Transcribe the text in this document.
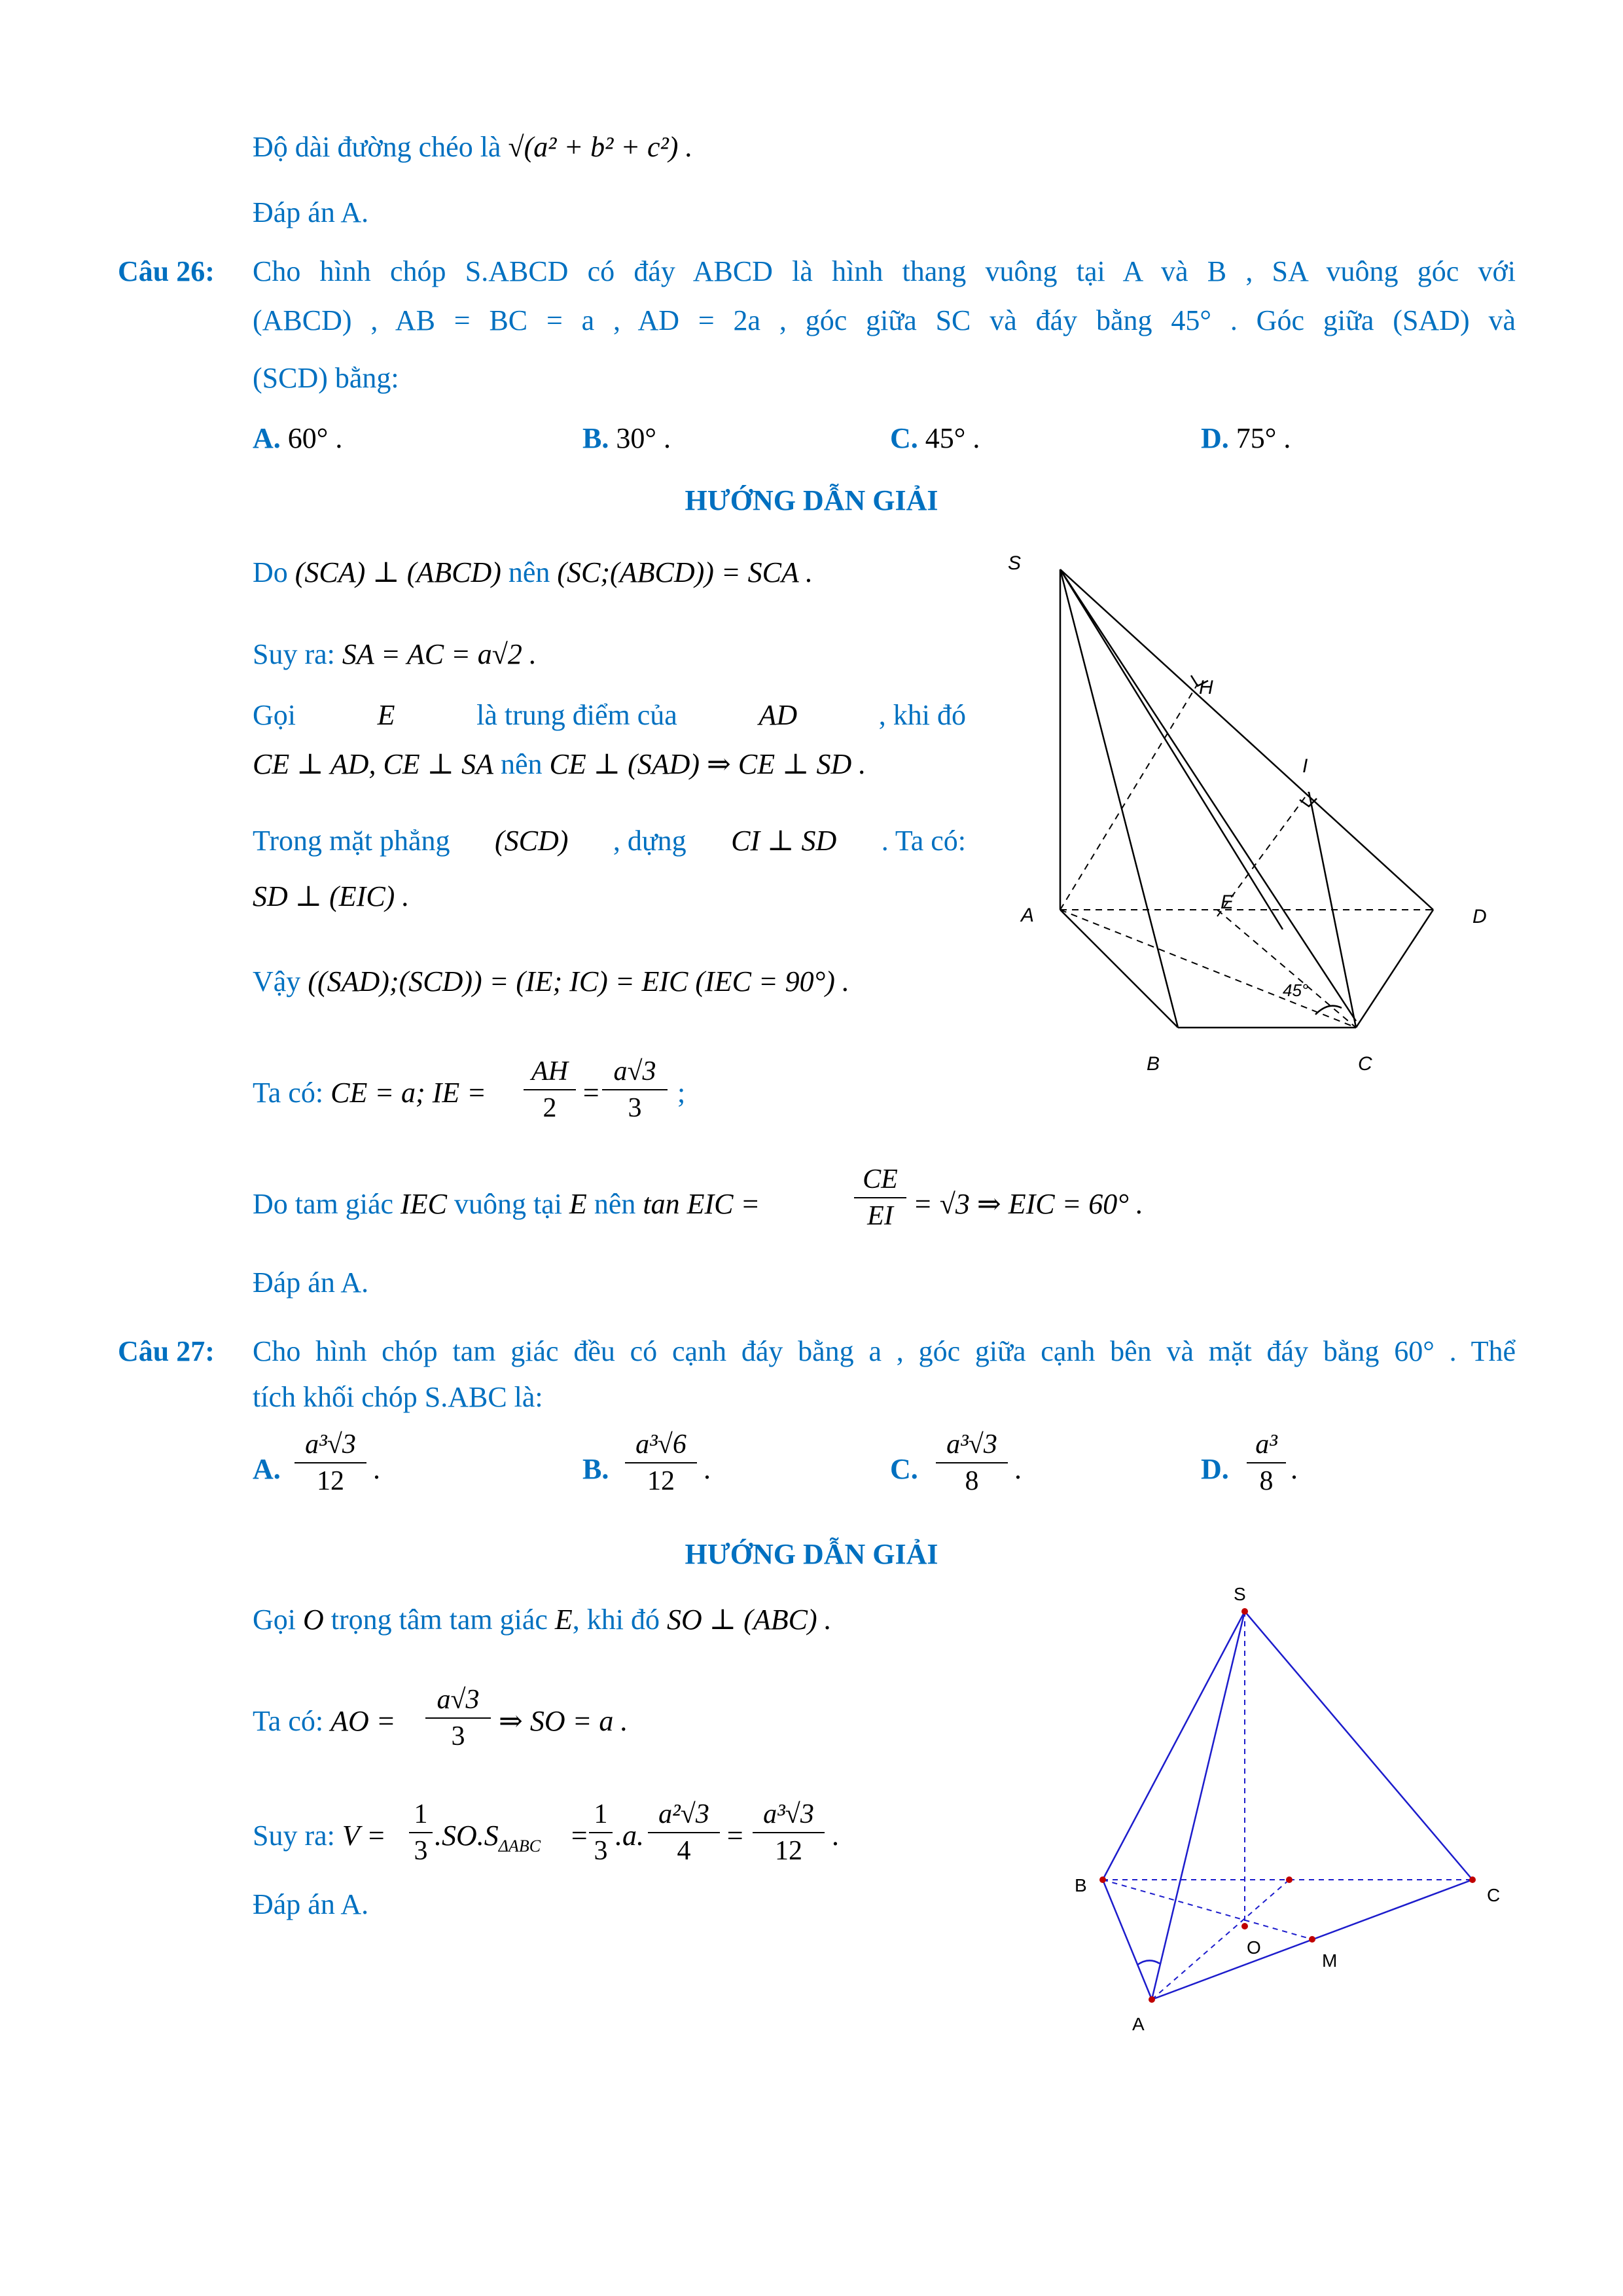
Độ dài đường chéo là √(a² + b² + c²) .
Đáp án A.
Câu 26: Cho hình chóp S.ABCD có đáy ABCD là hình thang vuông tại A và B , SA vuông góc với
(ABCD) , AB = BC = a , AD = 2a , góc giữa SC và đáy bằng 45° . Góc giữa (SAD) và
(SCD) bằng:
A. 60° .	B. 30° .	C. 45° .	D. 75° .
HƯỚNG DẪN GIẢI
Do (SCA) ⊥ (ABCD) nên (SC;(ABCD)) = SCA .
Suy ra: SA = AC = a√2 .
Gọi	E	là trung điểm của	AD	, khi đó
CE ⊥ AD, CE ⊥ SA nên CE ⊥ (SAD) ⇒ CE ⊥ SD .
Trong mặt phẳng (SCD) , dựng CI ⊥ SD . Ta có:
SD ⊥ (EIC) .
Vậy ((SAD);(SCD)) = (IE; IC) = EIC (IEC = 90°) .
Ta có: CE = a; IE = $\frac{AH}{2} = \frac{a√3}{3}$ ;
Do tam giác IEC vuông tại E nên tan EIC =	$\frac{CE}{EI} = √3$ ⇒ EIC = 60° .
Đáp án A.
S
H
I
A
E
D
B	C
45°
Câu 27: Cho hình chóp tam giác đều có cạnh đáy bằng a , góc giữa cạnh bên và mặt đáy bằng 60° . Thể
tích khối chóp S.ABC là:
A. $\frac{\text{a³√3}}{12}$ .	B. $\frac{\text{a³√6}}{12}$ .	C. $\frac{\text{a³√3}}{8}$ .	D. $\frac{\text{a³}}{8}$ .
HƯỚNG DẪN GIẢI
Gọi O trọng tâm tam giác E, khi đó SO ⊥ (ABC) .
Ta có: AO = $\frac{a√3}{3}$ ⇒ SO = a .
Suy ra: $V = \frac{1}{3} .SO.S_{\Delta ABC} = \frac{1}{3} .a$. $\frac{\text{a²√3}}{4} = \frac{\text{a³√3}}{12}$ .
Đáp án A.
S
B	C
O
M
A
